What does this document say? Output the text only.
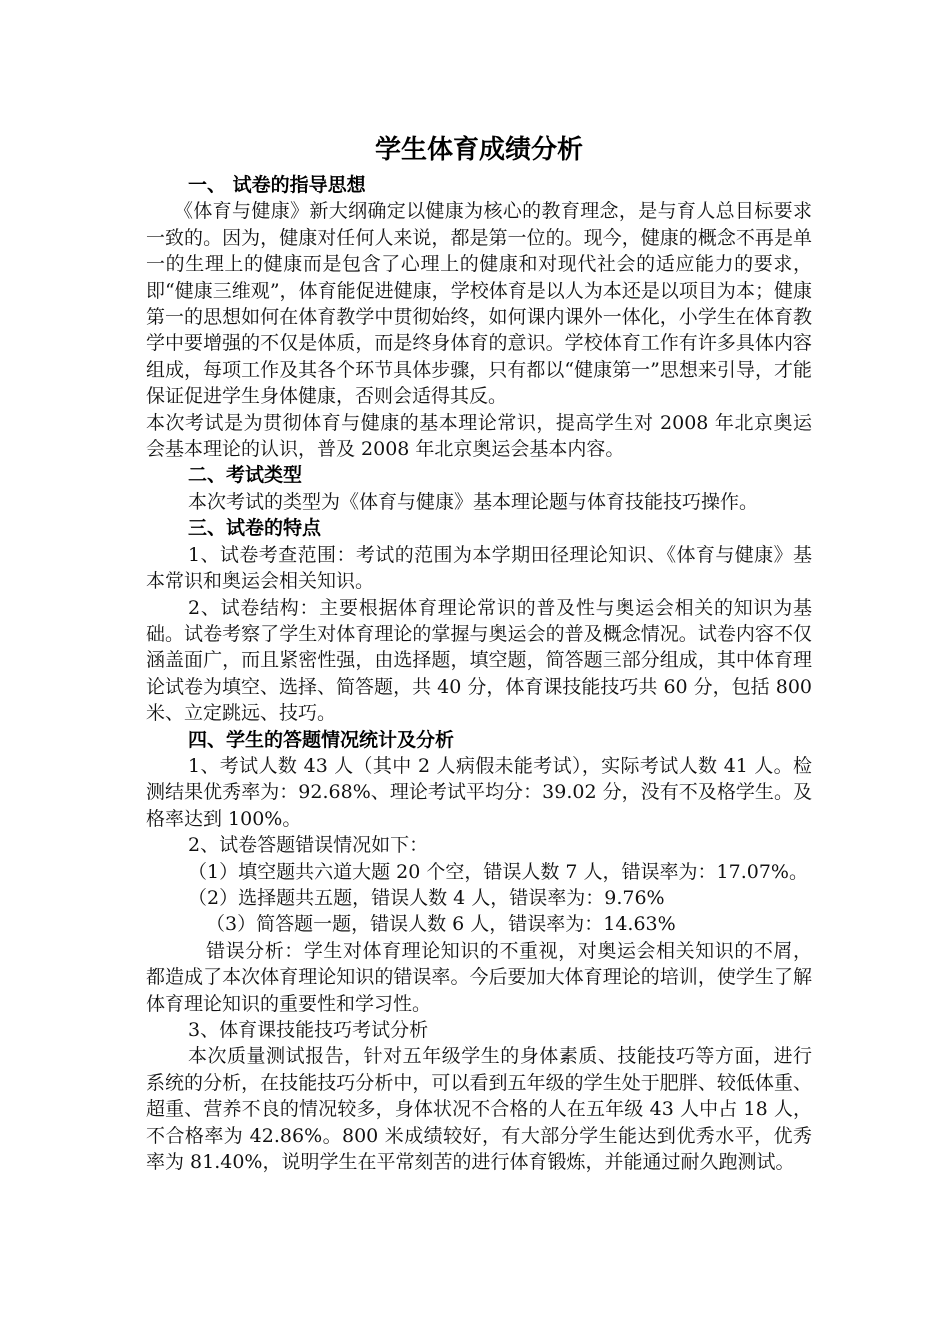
学生体育成绩分析
一、 试卷的指导思想

《体育与健康》新大纲确定以健康为核心的教育理念，是与育人总目标要求一致的。因为，健康对任何人来说，都是第一位的。现今，健康的概念不再是单一的生理上的健康而是包含了心理上的健康和对现代社会的适应能力的要求，即“健康三维观”，体育能促进健康，学校体育是以人为本还是以项目为本；健康第一的思想如何在体育教学中贯彻始终，如何课内课外一体化，小学生在体育教学中要增强的不仅是体质，而是终身体育的意识。学校体育工作有许多具体内容组成，每项工作及其各个环节具体步骤，只有都以“健康第一”思想来引导，才能保证促进学生身体健康，否则会适得其反。

本次考试是为贯彻体育与健康的基本理论常识，提高学生对 2008 年北京奥运会基本理论的认识，普及 2008 年北京奥运会基本内容。

二、考试类型

本次考试的类型为《体育与健康》基本理论题与体育技能技巧操作。

三、试卷的特点

1、试卷考查范围：考试的范围为本学期田径理论知识、《体育与健康》基本常识和奥运会相关知识。

2、试卷结构：主要根据体育理论常识的普及性与奥运会相关的知识为基础。试卷考察了学生对体育理论的掌握与奥运会的普及概念情况。试卷内容不仅涵盖面广，而且紧密性强，由选择题，填空题，简答题三部分组成，其中体育理论试卷为填空、选择、简答题，共 40 分，体育课技能技巧共 60 分，包括 800 米、立定跳远、技巧。

四、学生的答题情况统计及分析

1、考试人数 43 人（其中 2 人病假未能考试），实际考试人数 41 人。检测结果优秀率为：92.68%、理论考试平均分：39.02 分，没有不及格学生。及格率达到 100%。

2、试卷答题错误情况如下：

（1）填空题共六道大题 20 个空，错误人数 7 人，错误率为：17.07%。

（2）选择题共五题，错误人数 4 人，错误率为：9.76%

（3）简答题一题，错误人数 6 人，错误率为：14.63%

错误分析：学生对体育理论知识的不重视，对奥运会相关知识的不屑，都造成了本次体育理论知识的错误率。今后要加大体育理论的培训，使学生了解体育理论知识的重要性和学习性。

3、体育课技能技巧考试分析

本次质量测试报告，针对五年级学生的身体素质、技能技巧等方面，进行系统的分析，在技能技巧分析中，可以看到五年级的学生处于肥胖、较低体重、超重、营养不良的情况较多，身体状况不合格的人在五年级 43 人中占 18 人，不合格率为 42.86%。800 米成绩较好，有大部分学生能达到优秀水平，优秀率为 81.40%，说明学生在平常刻苦的进行体育锻炼，并能通过耐久跑测试。
